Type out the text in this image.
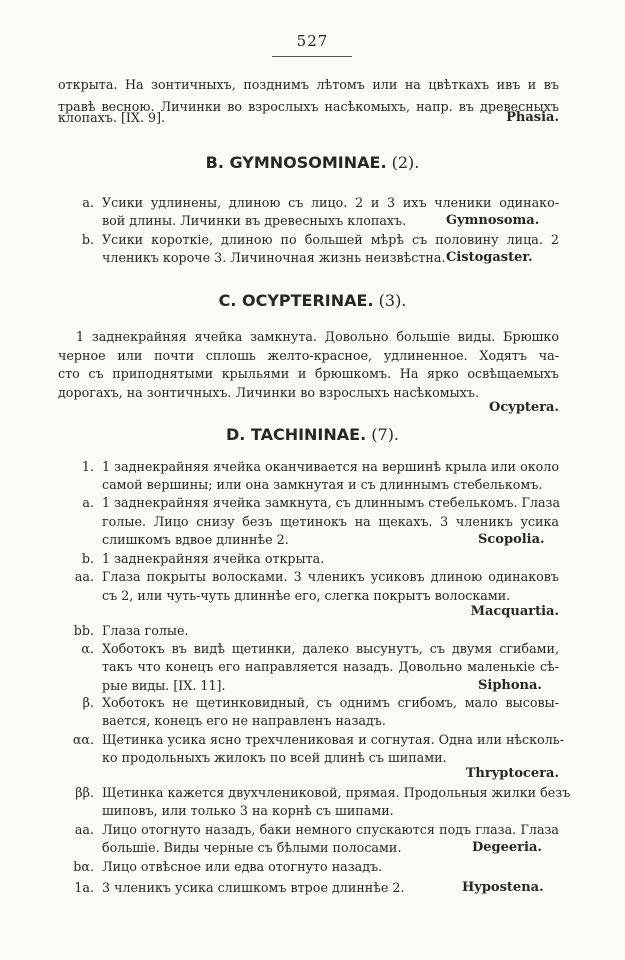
527
открыта. На зонтичныхъ, позднимъ лѣтомъ или на цвѣткахъ ивъ и въ
травѣ весною. Личинки во взрослыхъ насѣкомыхъ, напр. въ древесныхъ
клопахъ. [IX. 9].	Phasia.
B. GYMNOSOMINAE. (2).
a. Усики удлинены, длиною съ лицо. 2 и 3 ихъ членики одинако-
вой длины. Личинки въ древесныхъ клопахъ.	Gymnosoma.
b. Усики короткіе, длиною по большей мѣрѣ съ половину лица. 2
членикъ короче 3. Личиночная жизнь неизвѣстна. Cistogaster.
C. OCYPTERINAE. (3).
1 заднекрайняя ячейка замкнута. Довольно большіе виды. Брюшко
черное или почти сплошь желто-красное, удлиненное. Ходятъ ча-
сто съ приподнятыми крыльями и брюшкомъ. На ярко освѣщаемыхъ
дорогахъ, на зонтичныхъ. Личинки во взрослыхъ насѣкомыхъ.
Ocyptera.
D. TACHININAE. (7).
1. 1 заднекрайняя ячейка оканчивается на вершинѣ крыла или около
самой вершины; или она замкнутая и съ длиннымъ стебелькомъ.
a. 1 заднекрайняя ячейка замкнута, съ длиннымъ стебелькомъ. Глаза
голые. Лицо снизу безъ щетинокъ на щекахъ. 3 членикъ усика
слишкомъ вдвое длиннѣе 2.	Scopolia.
b. 1 заднекрайняя ячейка открыта.
aa. Глаза покрыты волосками. 3 членикъ усиковъ длиною одинаковъ
съ 2, или чуть-чуть длиннѣе его, слегка покрытъ волосками.
Macquartia.
bb. Глаза голые.
α. Хоботокъ въ видѣ щетинки, далеко высунутъ, съ двумя сгибами,
такъ что конецъ его направляется назадъ. Довольно маленькіе сѣ-
рые виды. [IX. 11].	Siphona.
β. Хоботокъ не щетинковидный, съ однимъ сгибомъ, мало высовы-
вается, конецъ его не направленъ назадъ.
αα. Щетинка усика ясно трехчлениковая и согнутая. Одна или нѣсколь-
ко продольныхъ жилокъ по всей длинѣ съ шипами.
Thryptocera.
ββ. Щетинка кажется двухчлениковой, прямая. Продольныя жилки безъ
шиповъ, или только 3 на корнѣ съ шипами.
aa. Лицо отогнуто назадъ, баки немного спускаются подъ глаза. Глаза
большіе. Виды черные съ бѣлыми полосами.	Degeeria.
bα. Лицо отвѣсное или едва отогнуто назадъ.
1a. 3 членикъ усика слишкомъ втрое длиннѣе 2.	Hypostena.
